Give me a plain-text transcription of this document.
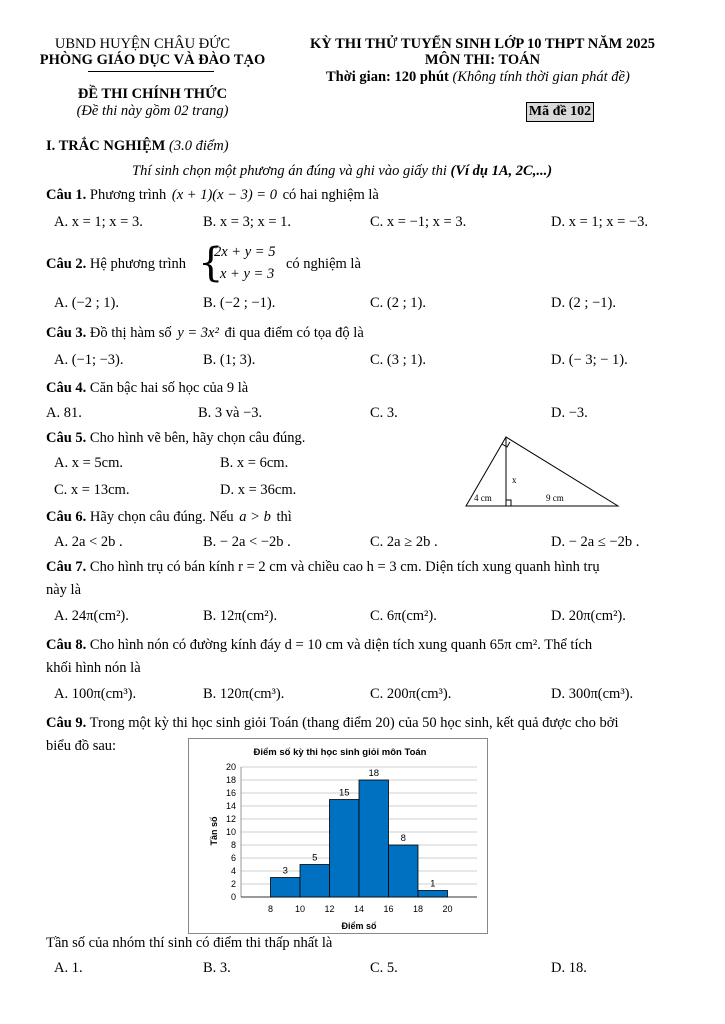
UBND HUYỆN CHÂU ĐỨC
PHÒNG GIÁO DỤC VÀ ĐÀO TẠO
ĐỀ THI CHÍNH THỨC
(Đề thi này gồm 02 trang)
KỲ THI THỬ TUYỂN SINH LỚP 10 THPT NĂM 2025
MÔN THI: TOÁN
Thời gian: 120 phút (Không tính thời gian phát đề)
Mã đề 102
I. TRẮC NGHIỆM (3.0 điểm)
Thí sinh chọn một phương án đúng và ghi vào giấy thi (Ví dụ 1A, 2C,...)
Câu 1. Phương trình (x + 1)(x − 3) = 0 có hai nghiệm là
A. x = 1; x = 3.	B. x = 3; x = 1.	C. x = −1; x = 3.	D. x = 1; x = −3.
Câu 2. Hệ phương trình {
2x + y = 5
x + y = 3
có nghiệm là
A. (−2 ; 1).	B. (−2 ; −1).	C. (2 ; 1).	D. (2 ; −1).
Câu 3. Đồ thị hàm số y = 3x² đi qua điểm có tọa độ là
A. (−1; −3).	B. (1; 3).	C. (3 ; 1).	D. (− 3; − 1).
Câu 4. Căn bậc hai số học của 9 là
A. 81.	B. 3 và −3.	C. 3.	D. −3.
Câu 5. Cho hình vẽ bên, hãy chọn câu đúng.
A. x = 5cm.	B. x = 6cm.
C. x = 13cm.	D. x = 36cm.
x
4 cm	9 cm
Câu 6. Hãy chọn câu đúng. Nếu a > b thì
A. 2a < 2b .	B. − 2a < −2b .	C. 2a ≥ 2b .	D. − 2a ≤ −2b .
Câu 7. Cho hình trụ có bán kính r = 2 cm và chiều cao h = 3 cm. Diện tích xung quanh hình trụ
này là
A. 24π(cm²).	B. 12π(cm²).	C. 6π(cm²).	D. 20π(cm²).
Câu 8. Cho hình nón có đường kính đáy d = 10 cm và diện tích xung quanh 65π cm². Thể tích
khối hình nón là
A. 100π(cm³).	B. 120π(cm³).	C. 200π(cm³).	D. 300π(cm³).
Câu 9. Trong một kỳ thi học sinh giỏi Toán (thang điểm 20) của 50 học sinh, kết quả được cho bởi
biểu đồ sau:	Điểm số kỳ thi học sinh giỏi môn Toán
Tần số
Điểm số
0
2
4
6
8
10
12
14
16
18
20
8 10 12 14 16 18 20
3
5
15
18
8
1
Tần số của nhóm thí sinh có điểm thi thấp nhất là
A. 1.	B. 3.	C. 5.	D. 18.
